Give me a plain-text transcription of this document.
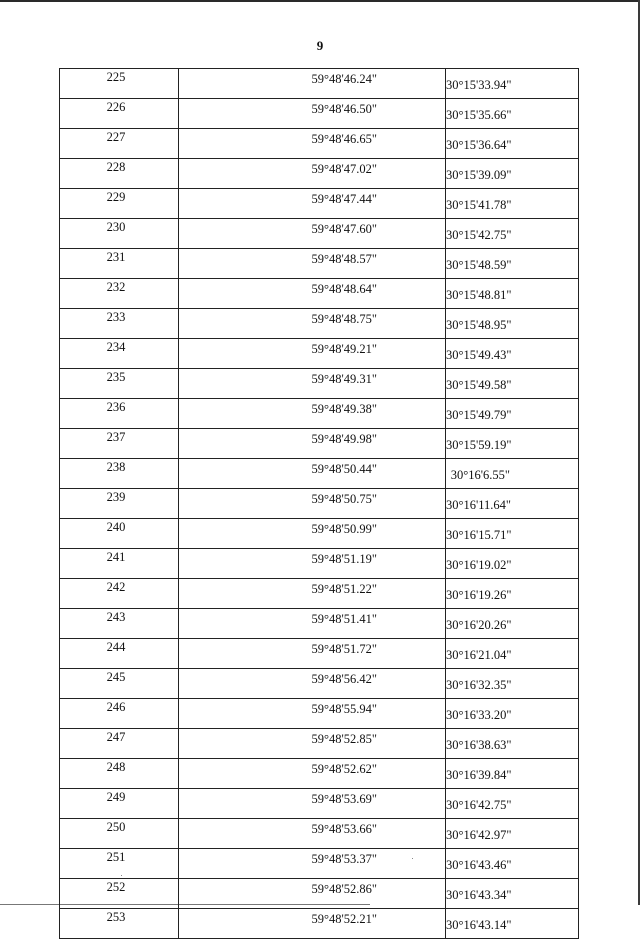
9
225	59°48'46.24"	30°15'33.94"
226	59°48'46.50"	30°15'35.66"
227	59°48'46.65"	30°15'36.64"
228	59°48'47.02"	30°15'39.09"
229	59°48'47.44"	30°15'41.78"
230	59°48'47.60"	30°15'42.75"
231	59°48'48.57"	30°15'48.59"
232	59°48'48.64"	30°15'48.81"
233	59°48'48.75"	30°15'48.95"
234	59°48'49.21"	30°15'49.43"
235	59°48'49.31"	30°15'49.58"
236	59°48'49.38"	30°15'49.79"
237	59°48'49.98"	30°15'59.19"
238	59°48'50.44"	30°16'6.55"
239	59°48'50.75"	30°16'11.64"
240	59°48'50.99"	30°16'15.71"
241	59°48'51.19"	30°16'19.02"
242	59°48'51.22"	30°16'19.26"
243	59°48'51.41"	30°16'20.26"
244	59°48'51.72"	30°16'21.04"
245	59°48'56.42"	30°16'32.35"
246	59°48'55.94"	30°16'33.20"
247	59°48'52.85"	30°16'38.63"
248	59°48'52.62"	30°16'39.84"
249	59°48'53.69"	30°16'42.75"
250	59°48'53.66"	30°16'42.97"
251	59°48'53.37"	30°16'43.46"
252	59°48'52.86"	30°16'43.34"
253	59°48'52.21"	30°16'43.14"
